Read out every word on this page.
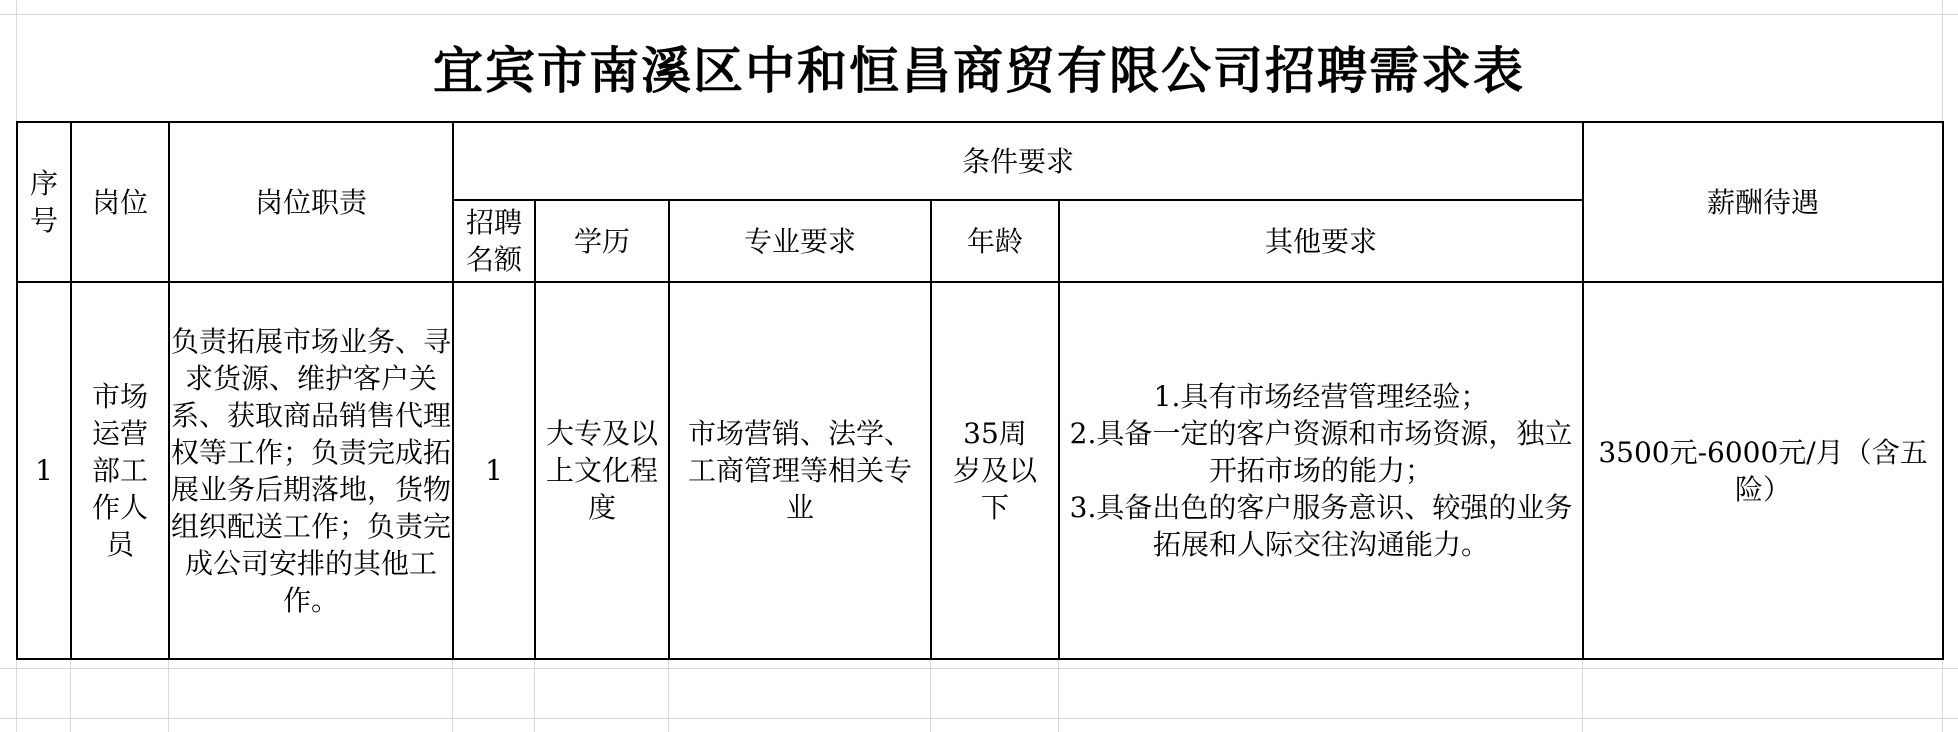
宜宾市南溪区中和恒昌商贸有限公司招聘需求表
序号	岗位	岗位职责	条件要求					薪酬待遇
			招聘名额	学历	专业要求	年龄	其他要求	
1	市场运营部工作人员	负责拓展市场业务、寻求货源、维护客户关系、获取商品销售代理权等工作；负责完成拓展业务后期落地，货物组织配送工作；负责完成公司安排的其他工作。	1	大专及以上文化程度	市场营销、法学、工商管理等相关专业	35周岁及以下	1.具有市场经营管理经验；
2.具备一定的客户资源和市场资源，独立开拓市场的能力；
3.具备出色的客户服务意识、较强的业务拓展和人际交往沟通能力。	3500元-6000元/月（含五险）
